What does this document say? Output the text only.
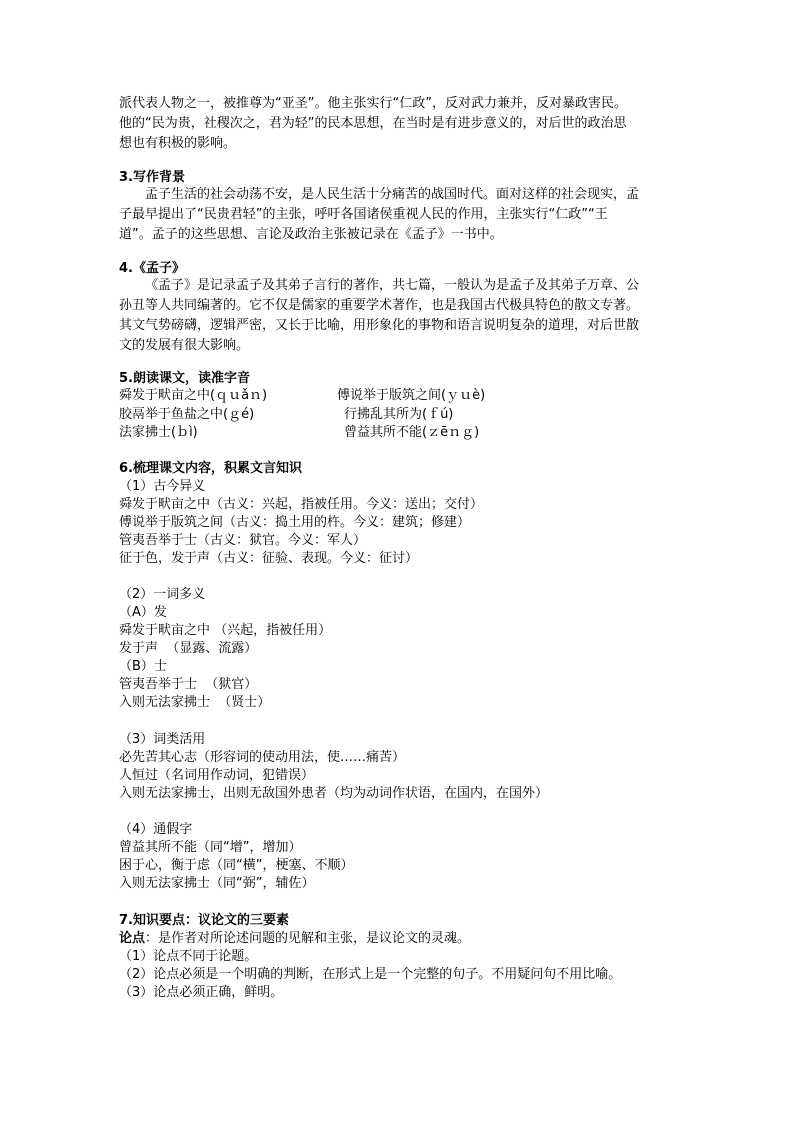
派代表人物之一，被推尊为“亚圣”。他主张实行“仁政”，反对武力兼并，反对暴政害民。
他的“民为贵，社稷次之，君为轻”的民本思想，在当时是有进步意义的，对后世的政治思
想也有积极的影响。
3.写作背景
孟子生活的社会动荡不安，是人民生活十分痛苦的战国时代。面对这样的社会现实，孟
子最早提出了“民贵君轻”的主张，呼吁各国诸侯重视人民的作用，主张实行“仁政”“王
道”。孟子的这些思想、言论及政治主张被记录在《孟子》一书中。
4.《孟子》
《孟子》是记录孟子及其弟子言行的著作，共七篇，一般认为是孟子及其弟子万章、公
孙丑等人共同编著的。它不仅是儒家的重要学术著作，也是我国古代极具特色的散文专著。
其文气势磅礴，逻辑严密，又长于比喻，用形象化的事物和语言说明复杂的道理，对后世散
文的发展有很大影响。
5.朗读课文，读准字音
舜发于畎亩之中(ｑｕǎｎ)	傅说举于版筑之间(ｙｕè)
胶鬲举于鱼盐之中(ｇé)	行拂乱其所为(ｆú)
法家拂士(ｂì)	曾益其所不能(ｚēｎｇ)
6.梳理课文内容，积累文言知识
（1）古今异义
舜发于畎亩之中（古义：兴起，指被任用。今义：送出；交付）
傅说举于版筑之间（古义：捣土用的杵。今义：建筑；修建）
管夷吾举于士（古义：狱官。今义：军人）
征于色，发于声（古义：征验、表现。今义：征讨）
（2）一词多义
（A）发
舜发于畎亩之中 （兴起，指被任用）
发于声  （显露、流露）
（B）士
管夷吾举于士  （狱官）
入则无法家拂士  （贤士）
（3）词类活用
必先苦其心志（形容词的使动用法，使……痛苦）
人恒过（名词用作动词，犯错误）
入则无法家拂士，出则无敌国外患者（均为动词作状语，在国内，在国外）
（4）通假字
曾益其所不能（同“增”，增加）
困于心，衡于虑（同“横”，梗塞、不顺）
入则无法家拂士（同“弼”，辅佐）
7.知识要点：议论文的三要素
论点：是作者对所论述问题的见解和主张，是议论文的灵魂。
（1）论点不同于论题。
（2）论点必须是一个明确的判断，在形式上是一个完整的句子。不用疑问句不用比喻。
（3）论点必须正确，鲜明。
